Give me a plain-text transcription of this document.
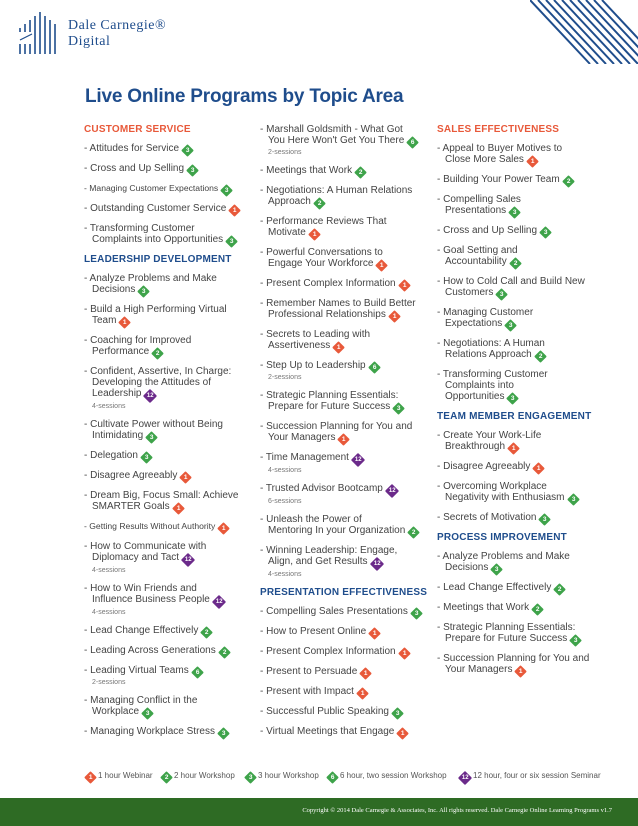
Dale Carnegie®
Digital
Live Online Programs by Topic Area
CUSTOMER SERVICE
- Attitudes for Service 3
- Cross and Up Selling 3
- Managing Customer Expectations 3
- Outstanding Customer Service 1
- Transforming Customer
Complaints into Opportunities 3
LEADERSHIP DEVELOPMENT
- Analyze Problems and Make
Decisions 3
- Build a High Performing Virtual
Team 1
- Coaching for Improved
Performance 2
- Confident, Assertive, In Charge:
Developing the Attitudes of
Leadership 12
4-sessions
- Cultivate Power without Being
Intimidating 3
- Delegation 3
- Disagree Agreeably 1
- Dream Big, Focus Small: Achieve
SMARTER Goals 1
- Getting Results Without Authority 1
- How to Communicate with
Diplomacy and Tact 12
4-sessions
- How to Win Friends and
Influence Business People 12
4-sessions
- Lead Change Effectively 2
- Leading Across Generations 2
- Leading Virtual Teams 6
2-sessions
- Managing Conflict in the
Workplace 3
- Managing Workplace Stress 3
- Marshall Goldsmith - What Got
You Here Won't Get You There 6
2-sessions
- Meetings that Work 2
- Negotiations: A Human Relations
Approach 2
- Performance Reviews That
Motivate 1
- Powerful Conversations to
Engage Your Workforce 1
- Present Complex Information 1
- Remember Names to Build Better
Professional Relationships 1
- Secrets to Leading with
Assertiveness 1
- Step Up to Leadership 6
2-sessions
- Strategic Planning Essentials:
Prepare for Future Success 3
- Succession Planning for You and
Your Managers 1
- Time Management 12
4-sessions
- Trusted Advisor Bootcamp 12
6-sessions
- Unleash the Power of
Mentoring In your Organization 2
- Winning Leadership: Engage,
Align, and Get Results 12
4-sessions
PRESENTATION EFFECTIVENESS
- Compelling Sales Presentations 3
- How to Present Online 1
- Present Complex Information 1
- Present to Persuade 1
- Present with Impact 1
- Successful Public Speaking 3
- Virtual Meetings that Engage 1
SALES EFFECTIVENESS
- Appeal to Buyer Motives to
Close More Sales 1
- Building Your Power Team 2
- Compelling Sales
Presentations 3
- Cross and Up Selling 3
- Goal Setting and
Accountability 2
- How to Cold Call and Build New
Customers 3
- Managing Customer
Expectations 3
- Negotiations: A Human
Relations Approach 2
- Transforming Customer
Complaints into
Opportunities 3
TEAM MEMBER ENGAGEMENT
- Create Your Work-Life
Breakthrough 1
- Disagree Agreeably 1
- Overcoming Workplace
Negativity with Enthusiasm 3
- Secrets of Motivation 3
PROCESS IMPROVEMENT
- Analyze Problems and Make
Decisions 3
- Lead Change Effectively 2
- Meetings that Work 2
- Strategic Planning Essentials:
Prepare for Future Success 3
- Succession Planning for You and
Your Managers 1
1 1 hour Webinar	2 2 hour Workshop	3 3 hour Workshop	6 6 hour, two session Workshop	12 12 hour, four or six session Seminar
Copyright © 2014 Dale Carnegie & Associates, Inc. All rights reserved. Dale Carnegie Online Learning Programs v1.7
